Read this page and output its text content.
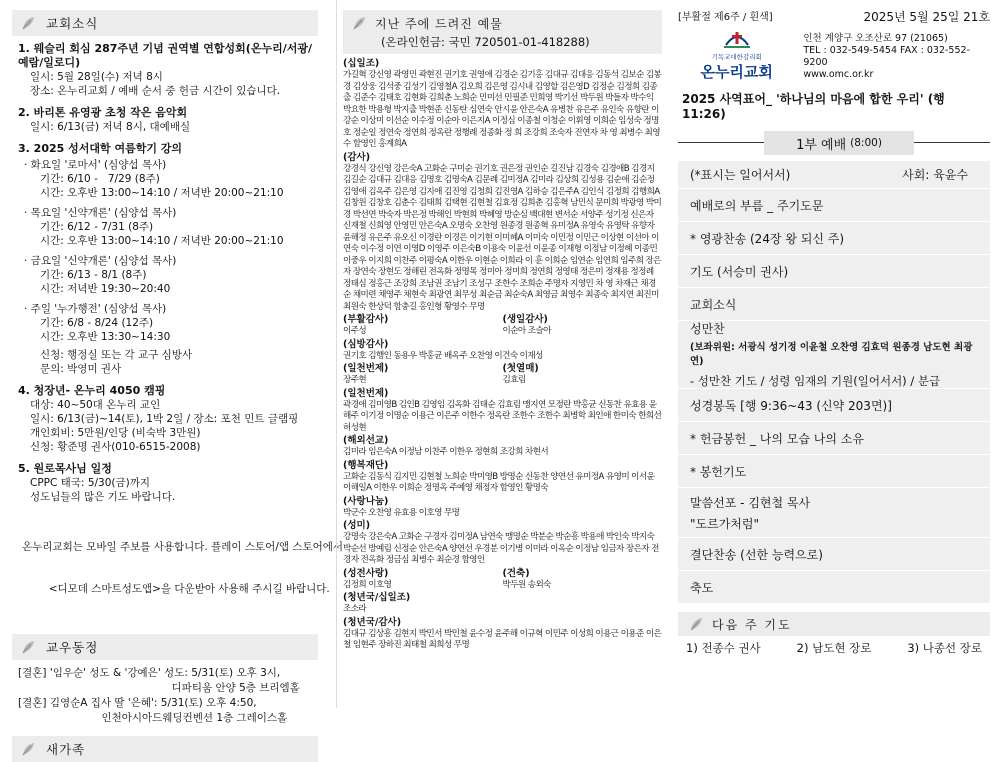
교회소식
1. 웨슬리 회심 287주년 기념 권역별 연합성회(온누리/서광/예람/일로디)
일시: 5월 28일(수) 저녁 8시
장소: 온누리교회 / 예배 순서 중 헌금 시간이 있습니다.
2. 바리톤 유영광 초청 작은 음악회
일시: 6/13(금) 저녁 8시, 대예배실
3. 2025 성서대학 여름학기 강의
· 화요일 '로마서' (심양섭 목사)
기간: 6/10 -   7/29 (8주)
시간: 오후반 13:00~14:10 / 저녁반 20:00~21:10
· 목요일 '신약개론' (심양섭 목사)
기간: 6/12 - 7/31 (8주)
시간: 오후반 13:00~14:10 / 저녁반 20:00~21:10
· 금요일 '신약개론' (심양섭 목사)
기간: 6/13 - 8/1 (8주)
시간: 저녁반 19:30~20:40
· 주일 '누가행전' (심양섭 목사)
기간: 6/8 - 8/24 (12주)
시간: 오후반 13:30~14:30
신청: 행정실 또는 각 교구 심방사
문의: 박영미 권사
4. 청장년- 온누리 4050 캠핑
대상: 40~50대 온누리 교인
일시: 6/13(금)~14(토), 1박 2일 / 장소: 포천 민트 글램핑
개인회비: 5만원/인당 (비숙박 3만원)
신청: 황준명 권사(010-6515-2008)
5. 원로목사님 일정
CPPC 태국: 5/30(금)까지
성도님들의 많은 기도 바랍니다.

온누리교회는 모바일 주보를 사용합니다. 플레이 스토어/앱 스토어에서

<디모데 스마트성도앱>을 다운받아 사용해 주시길 바랍니다.

교우동정
[결혼] '임우순' 성도 & '강예은' 성도: 5/31(토) 오후 3시,
디파티움 안양 5층 브리엠홀
[결혼] 김영순A 집사 딸 '은혜': 5/31(토) 오후 4:50,
인천아시아드웨딩컨벤션 1층 그레이스홀
새가족
지난 주에 드려진 예물
(온라인헌금: 국민 720501-01-418288)
(십일조)
가길혁 강신영 곽영민 곽현진 권기호 권영애 김경순 김기홍 김대규 김대응 김동석 김보순 김봉경 김상웅 김석중 김성기 김영철A 김오희 김은영 김시내 김영할 김은영D 김정순 김정희 김종출 김준수 김태호 김현화 김희춘 노희순 민미선 민필준 민희영 박기선 박두원 박들자 박수익 박요한 박용형 박지출 박현준 신동탄 심연숙 안시윤 안은숙A 유병찬 유은주 유인숙 유향란 이강순 이상미 이선순 이수정 이순아 이은지A 이정심 이종철 이청순 이휘영 이희순 임성숙 정명호 정순일 정연숙 정연희 정옥란 정행례 정종화 정 희 조강희 조숙자 진연자 차 영 최병수 최영수 함영인 홍계희A
(감사)
강경식 강신영 강은숙A 고화순 구미순 권기호 권은정 권인순 길진남 김경숙 김경애B 김경지 김길순 김대규 김대응 김명호 김명숙A 김문례 김미정A 김미라 김상희 김성용 김순애 김순정 김영애 김옥주 김은영 김지애 김진영 김청희 김진영A 김하승 김은주A 김인식 김정희 김행희A 김창원 김창호 김춘수 김태희 김택현 김현철 김효정 김희춘 김홍혁 남민식 문미희 박광영 박미경 박선연 박숙자 박은정 박해인 박현희 박혜영 방순심 백대현 변서순 서양주 성기정 신은자 신재철 신희영 안영민 안은숙A 오명숙 오찬영 원종경 원종혁 유미정A 유영숙 유영탁 유향자 윤해정 유은주 유오신 이경란 이경은 이기현 이미혜A 이미숙 이민정 이민근 이상현 이선아 이연숙 이수정 이연 이영D 이영주 이은숙B 이용숙 이윤선 이윤종 이재형 이정남 이정혜 이종민 이중우 이지희 이찬주 이평숙A 이한우 이현순 이희라 이 훈 이희순 임연순 임연희 임주희 장은자 장연숙 장현도 정해린 전옥화 정명목 정미아 정미희 정연희 정영태 정은미 정재용 정정례 정태심 정홍근 조강희 조남권 조남기 조성구 조한수 조희순 주명자 지영민 차 영 차재근 채경순 채미련 채영주 채현숙 최광연 최무성 최순금 최순숙A 최영금 최영수 최종숙 최지연 최진미 최원숙 한상덕 함충길 홍인형 황영수 무명
(부활감사)
이주성
(생일감사)
이순아 조슬아
(심방감사)
권기호 김행인 동용우 박홍균 배옥주 오찬영 이건숙 이재성
(일천번제)
장주현
(첫열매)
김효림
(일천번제)
곽경애 김미영B 김인B 김영임 김옥화 김태순 김효림 맹지연 모정란 박홍균 신동찬 유효용 윤해주 이기정 이명순 이용근 이은주 이한수 정옥란 조한수 조한수 최병학 최인애 한미숙 한희선 허성현
(해외선교)
김미라 임은숙A 이정남 이찬주 이한우 정현희 조강희 차현서
(행복재단)
고화순 김동식 김지민 김현철 노희순 박미영B 방명순 신동찬 양연선 유미정A 유영미 이서윤 이해일A 이한우 이희순 정명옥 주예영 채정자 함영인 황명숙
(사랑나눔)
박군수 오찬영 유효용 이호영 무명
(성미)
강명숙 강은숙A 고화순 구경자 김미정A 남연숙 맹명순 박분순 박순흥 박용애 박인숙 박지숙 박순선 방예림 신정순 안은숙A 양연선 우경분 이기병 이미라 이옥순 이정남 임금자 장은자 전경자 전옥화 정금심 최병수 최순경 함영인
(성전사랑)
김정희 이호영
(건축)
박두원 송외숙
(청년국/십일조)
조소라
(청년국/감사)
김대규 김상흥 김현지 박민서 박민철 윤수정 윤주해 이규혁 이민주 이성희 이용근 이용준 이은철 임현주 장하진 최태철 최희성 무명
[부활절 제6주 / 흰색]	2025년 5월 25일 21호
기독교대한감리회
온누리교회
인천 계양구 오조산로 97 (21065)
TEL : 032-549-5454 FAX : 032-552-9200
www.omc.or.kr
2025 사역표어_ '하나님의 마음에 합한 우리' (행 11:26)
1부 예배 (8:00)
(*표시는 일어서서)	사회: 육윤수
예배로의 부름 _ 주기도문
* 영광찬송 (24장 왕 되신 주)
기도 (서승미 권사)
교회소식
성만찬
(보좌위원: 서광식 성기정 이윤철 오찬영 김효덕 원종경 남도현 최광연)
- 성만찬 기도 / 성령 임재의 기원(일어서서) / 분급
성경봉독 [행 9:36~43 (신약 203면)]
* 헌금봉헌 _ 나의 모습 나의 소유
* 봉헌기도
말씀선포 - 김현철 목사
"도르가처럼"
결단찬송 (선한 능력으로)
축도
다음 주 기도
1) 전종수 권사	2) 남도현 장로	3) 나종선 장로
